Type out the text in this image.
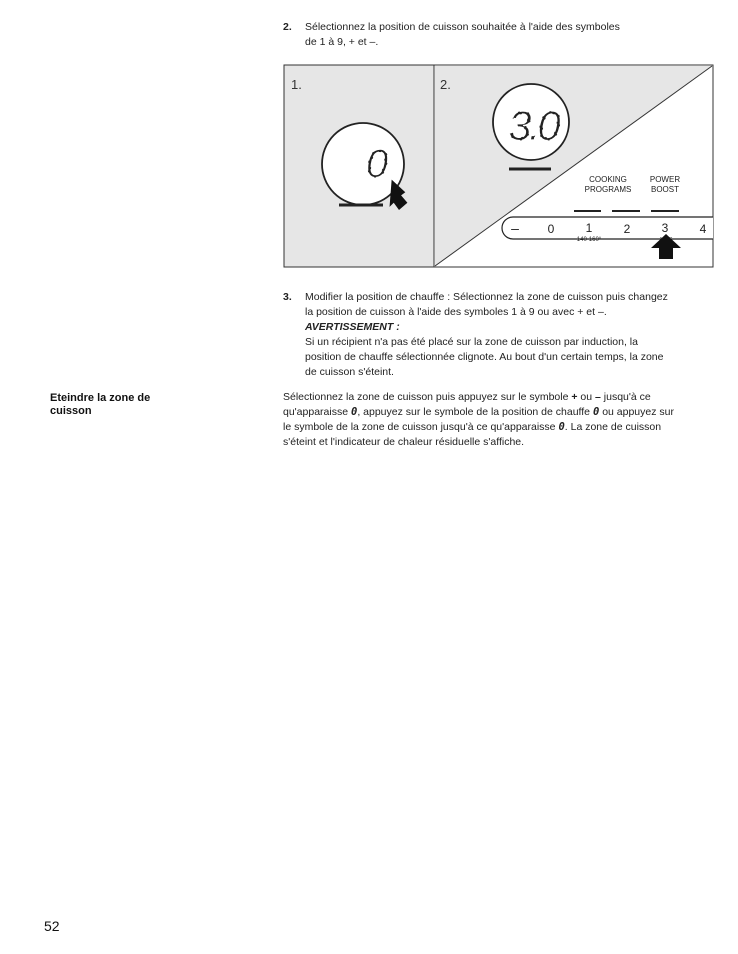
2. Sélectionnez la position de cuisson souhaitée à l'aide des symboles
de 1 à 9, + et –.
1.
0
2.
3.0
COOKING
PROGRAMS
POWER
BOOST
– 0	1	2	3	4
140-160°
3. Modifier la position de chauffe : Sélectionnez la zone de cuisson puis changez
la position de cuisson à l'aide des symboles 1 à 9 ou avec + et –.
AVERTISSEMENT :
Si un récipient n'a pas été placé sur la zone de cuisson par induction, la
position de chauffe sélectionnée clignote. Au bout d'un certain temps, la zone
de cuisson s'éteint.
Eteindre la zone de
cuisson
Sélectionnez la zone de cuisson puis appuyez sur le symbole + ou – jusqu'à ce
qu'apparaisse 0, appuyez sur le symbole de la position de chauffe 0 ou appuyez sur
le symbole de la zone de cuisson jusqu'à ce qu'apparaisse 0. La zone de cuisson
s'éteint et l'indicateur de chaleur résiduelle s'affiche.
52
